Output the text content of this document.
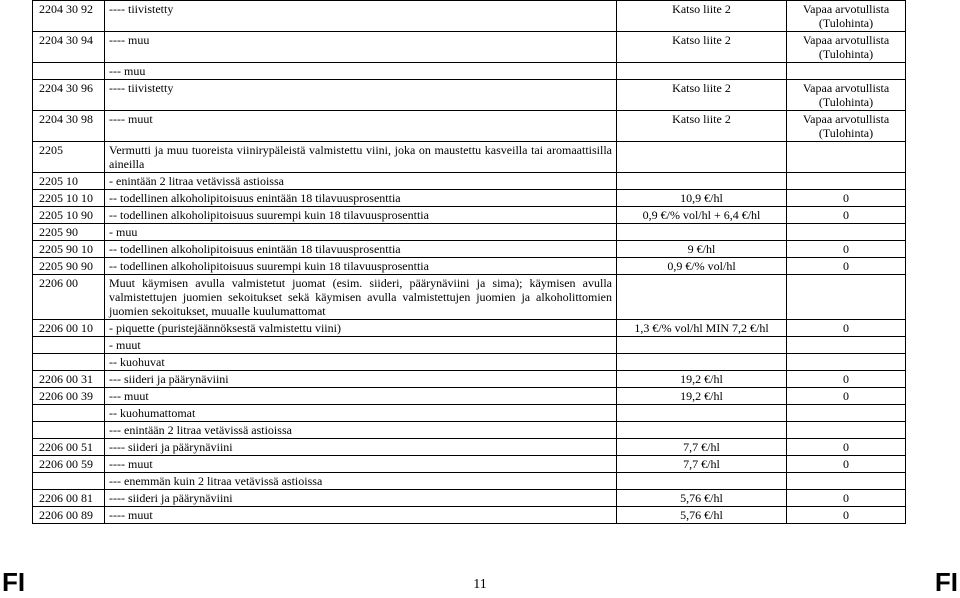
2204 30 92	---- tiivistetty	Katso liite 2	Vapaa arvotullista (Tulohinta)
2204 30 94	---- muu	Katso liite 2	Vapaa arvotullista (Tulohinta)
	--- muu		
2204 30 96	---- tiivistetty	Katso liite 2	Vapaa arvotullista (Tulohinta)
2204 30 98	---- muut	Katso liite 2	Vapaa arvotullista (Tulohinta)
2205	Vermutti ja muu tuoreista viinirypäleistä valmistettu viini, joka on maustettu kasveilla tai aromaattisilla aineilla		
2205 10	- enintään 2 litraa vetävissä astioissa		
2205 10 10	-- todellinen alkoholipitoisuus enintään 18 tilavuusprosenttia	10,9 €/hl	0
2205 10 90	-- todellinen alkoholipitoisuus suurempi kuin 18 tilavuusprosenttia	0,9 €/% vol/hl + 6,4 €/hl	0
2205 90	- muu		
2205 90 10	-- todellinen alkoholipitoisuus enintään 18 tilavuusprosenttia	9 €/hl	0
2205 90 90	-- todellinen alkoholipitoisuus suurempi kuin 18 tilavuusprosenttia	0,9 €/% vol/hl	0
2206 00	Muut käymisen avulla valmistetut juomat (esim. siideri, päärynäviini ja sima); käymisen avulla valmistettujen juomien sekoitukset sekä käymisen avulla valmistettujen juomien ja alkoholittomien juomien sekoitukset, muualle kuulumattomat		
2206 00 10	- piquette (puristejäännöksestä valmistettu viini)	1,3 €/% vol/hl MIN 7,2 €/hl	0
	- muut		
	-- kuohuvat		
2206 00 31	--- siideri ja päärynäviini	19,2 €/hl	0
2206 00 39	--- muut	19,2 €/hl	0
	-- kuohumattomat		
	--- enintään 2 litraa vetävissä astioissa		
2206 00 51	---- siideri ja päärynäviini	7,7 €/hl	0
2206 00 59	---- muut	7,7 €/hl	0
	--- enemmän kuin 2 litraa vetävissä astioissa		
2206 00 81	---- siideri ja päärynäviini	5,76 €/hl	0
2206 00 89	---- muut	5,76 €/hl	0
FI	11	FI
